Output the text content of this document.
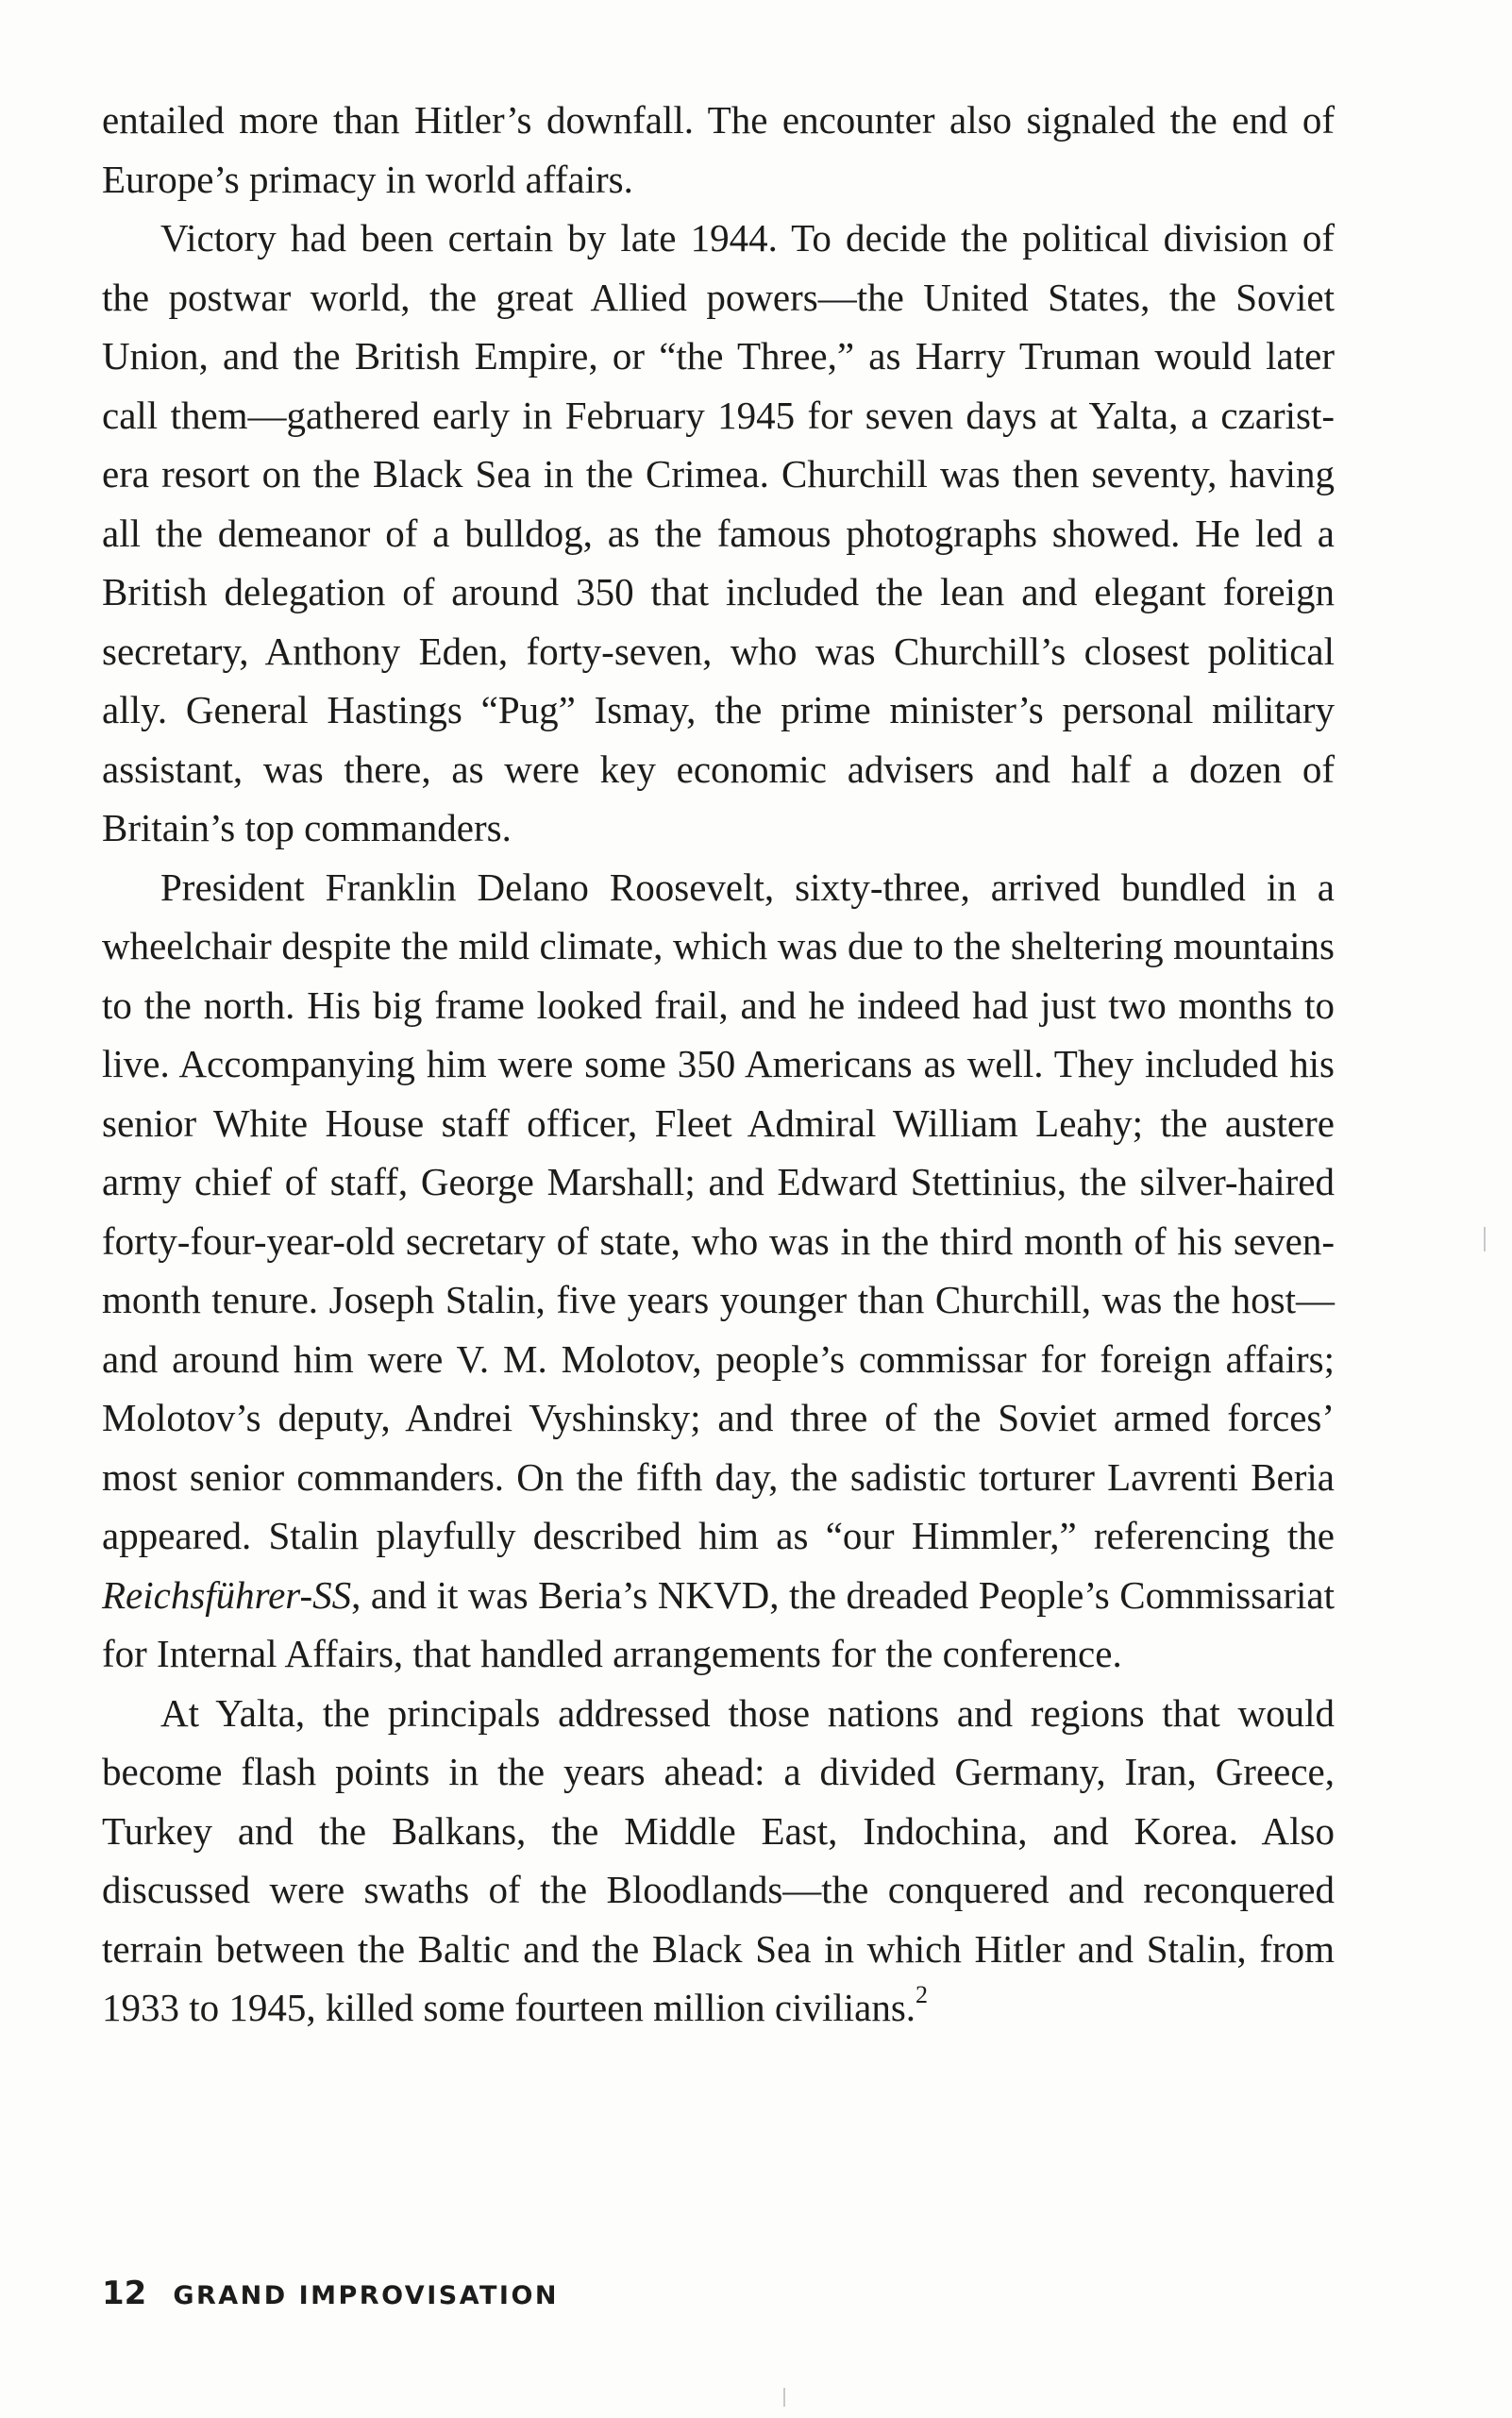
entailed more than Hitler’s downfall. The encounter also signaled the end of Europe’s primacy in world affairs.

Victory had been certain by late 1944. To decide the political division of the postwar world, the great Allied powers—the United States, the Soviet Union, and the British Empire, or “the Three,” as Harry Truman would later call them—gathered early in February 1945 for seven days at Yalta, a czarist-era resort on the Black Sea in the Crimea. Churchill was then seventy, having all the demeanor of a bulldog, as the famous photographs showed. He led a British delegation of around 350 that included the lean and elegant foreign secretary, Anthony Eden, forty-seven, who was Churchill’s closest political ally. General Hastings “Pug” Ismay, the prime minister’s personal military assistant, was there, as were key economic advisers and half a dozen of Britain’s top commanders.

President Franklin Delano Roosevelt, sixty-three, arrived bundled in a wheelchair despite the mild climate, which was due to the sheltering mountains to the north. His big frame looked frail, and he indeed had just two months to live. Accompanying him were some 350 Americans as well. They included his senior White House staff officer, Fleet Admiral William Leahy; the austere army chief of staff, George Marshall; and Edward Stettinius, the silver-haired forty-four-year-old secretary of state, who was in the third month of his seven-month tenure. Joseph Stalin, five years younger than Churchill, was the host—and around him were V. M. Molotov, people’s commissar for foreign affairs; Molotov’s deputy, Andrei Vyshinsky; and three of the Soviet armed forces’ most senior commanders. On the fifth day, the sadistic torturer Lavrenti Beria appeared. Stalin playfully described him as “our Himmler,” referencing the Reichsführer-SS, and it was Beria’s NKVD, the dreaded People’s Commissariat for Internal Affairs, that handled arrangements for the conference.

At Yalta, the principals addressed those nations and regions that would become flash points in the years ahead: a divided Germany, Iran, Greece, Turkey and the Balkans, the Middle East, Indochina, and Korea. Also discussed were swaths of the Bloodlands—the conquered and reconquered terrain between the Baltic and the Black Sea in which Hitler and Stalin, from 1933 to 1945, killed some fourteen million civilians.$^2$

12 GRAND IMPROVISATION
